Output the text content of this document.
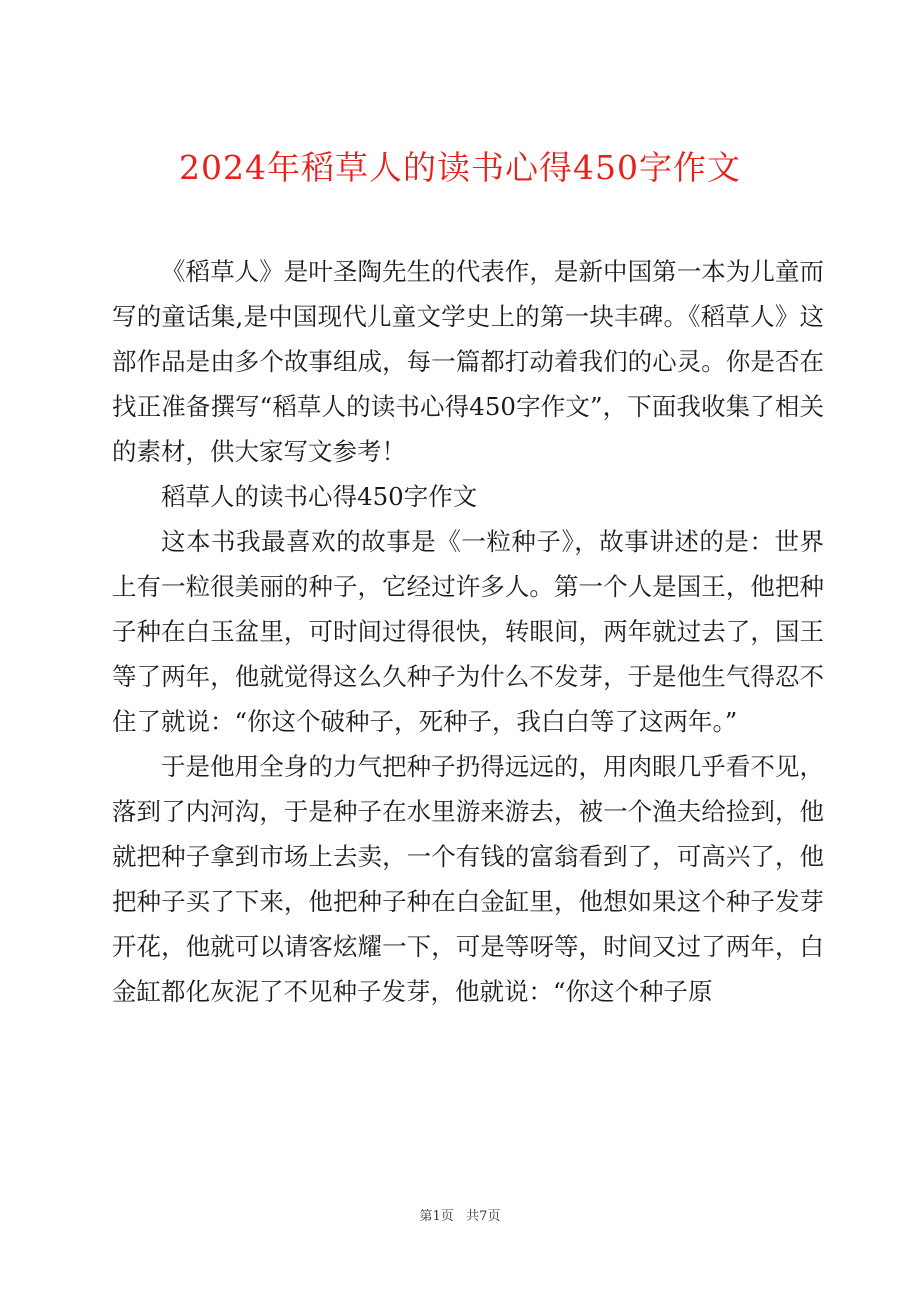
2024年稻草人的读书心得450字作文

《稻草人》是叶圣陶先生的代表作，是新中国第一本为儿童而写的童话集,是中国现代儿童文学史上的第一块丰碑。《稻草人》这部作品是由多个故事组成，每一篇都打动着我们的心灵。你是否在找正准备撰写“稻草人的读书心得450字作文”，下面我收集了相关的素材，供大家写文参考！

稻草人的读书心得450字作文

这本书我最喜欢的故事是《一粒种子》，故事讲述的是：世界上有一粒很美丽的种子，它经过许多人。第一个人是国王，他把种子种在白玉盆里，可时间过得很快，转眼间，两年就过去了，国王等了两年，他就觉得这么久种子为什么不发芽，于是他生气得忍不住了就说：“你这个破种子，死种子，我白白等了这两年。”

于是他用全身的力气把种子扔得远远的，用肉眼几乎看不见，落到了内河沟，于是种子在水里游来游去，被一个渔夫给捡到，他就把种子拿到市场上去卖，一个有钱的富翁看到了，可高兴了，他把种子买了下来，他把种子种在白金缸里，他想如果这个种子发芽开花，他就可以请客炫耀一下，可是等呀等，时间又过了两年，白金缸都化灰泥了不见种子发芽，他就说：“你这个种子原

第1页   共7页
